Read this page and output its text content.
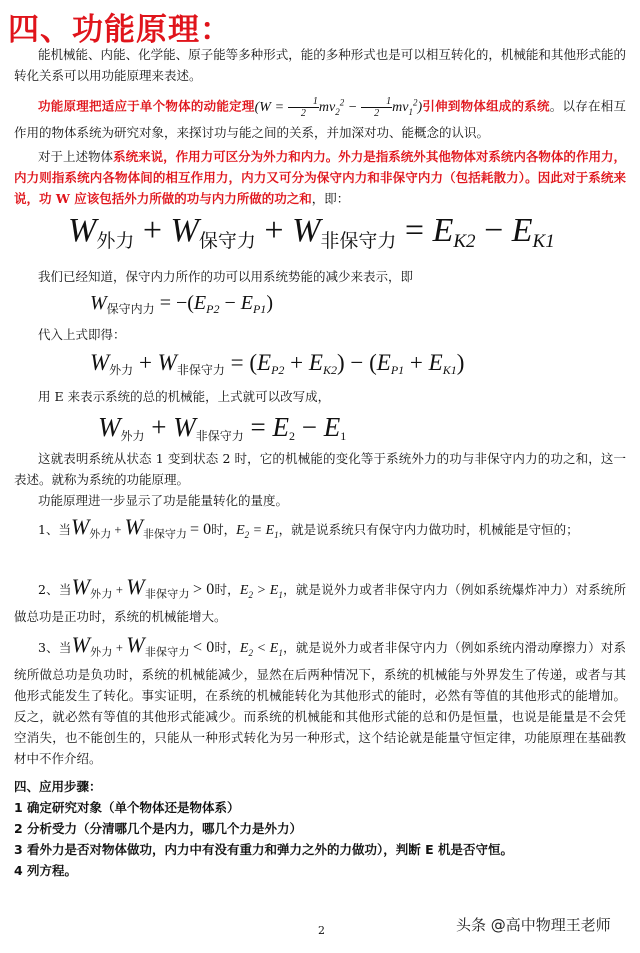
四、功能原理：
能机械能、内能、化学能、原子能等多种形式，能的多种形式也是可以相互转化的，机械能和其他形式能的转化关系可以用功能原理来表述。
功能原理把适应于单个物体的动能定理$(W = \frac{1}{2}mv_2^2 - \frac{1}{2}mv_1^2)$引伸到物体组成的系统。以存在相互作用的物体系统为研究对象，来探讨功与能之间的关系，并加深对功、能概念的认识。
对于上述物体系统来说，作用力可区分为外力和内力。外力是指系统外其他物体对系统内各物体的作用力，内力则指系统内各物体间的相互作用力，内力又可分为保守内力和非保守内力（包括耗散力）。因此对于系统来说，功 W 应该包括外力所做的功与内力所做的功之和，即：
$W_{外力} + W_{保守力} + W_{非保守力} = E_{K2} - E_{K1}$
我们已经知道，保守内力所作的功可以用系统势能的减少来表示，即
$W_{保守内力} = -(E_{P2} - E_{P1})$
代入上式即得：
$W_{外力} + W_{非保守力} = (E_{P2} + E_{K2}) - (E_{P1} + E_{K1})$
用 E 来表示系统的总的机械能，上式就可以改写成，
$W_{外力} + W_{非保守力} = E_2 - E_1$
这就表明系统从状态 1 变到状态 2 时，它的机械能的变化等于系统外力的功与非保守内力的功之和，这一表述。就称为系统的功能原理。
功能原理进一步显示了功是能量转化的量度。
1、当$W_{外力} + W_{非保守力} = 0$时，$E_2 = E_1$，就是说系统只有保守内力做功时，机械能是守恒的；
2、当$W_{外力} + W_{非保守力} > 0$时，$E_2 > E_1$，就是说外力或者非保守内力（例如系统爆炸冲力）对系统所做总功是正功时，系统的机械能增大。
3、当$W_{外力} + W_{非保守力} < 0$时，$E_2 < E_1$，就是说外力或者非保守内力（例如系统内滑动摩擦力）对系统所做总功是负功时，系统的机械能减少，显然在后两种情况下，系统的机械能与外界发生了传递，或者与其他形式能发生了转化。事实证明，在系统的机械能转化为其他形式的能时，必然有等值的其他形式的能增加。反之，就必然有等值的其他形式能减少。而系统的机械能和其他形式能的总和仍是恒量，也说是能量是不会凭空消失，也不能创生的，只能从一种形式转化为另一种形式，这个结论就是能量守恒定律，功能原理在基础教材中不作介绍。
四、应用步骤：
1 确定研究对象（单个物体还是物体系）
2 分析受力（分清哪几个是内力，哪几个力是外力）
3 看外力是否对物体做功，内力中有没有重力和弹力之外的力做功），判断 E 机是否守恒。
4 列方程。
2	头条 @高中物理王老师
